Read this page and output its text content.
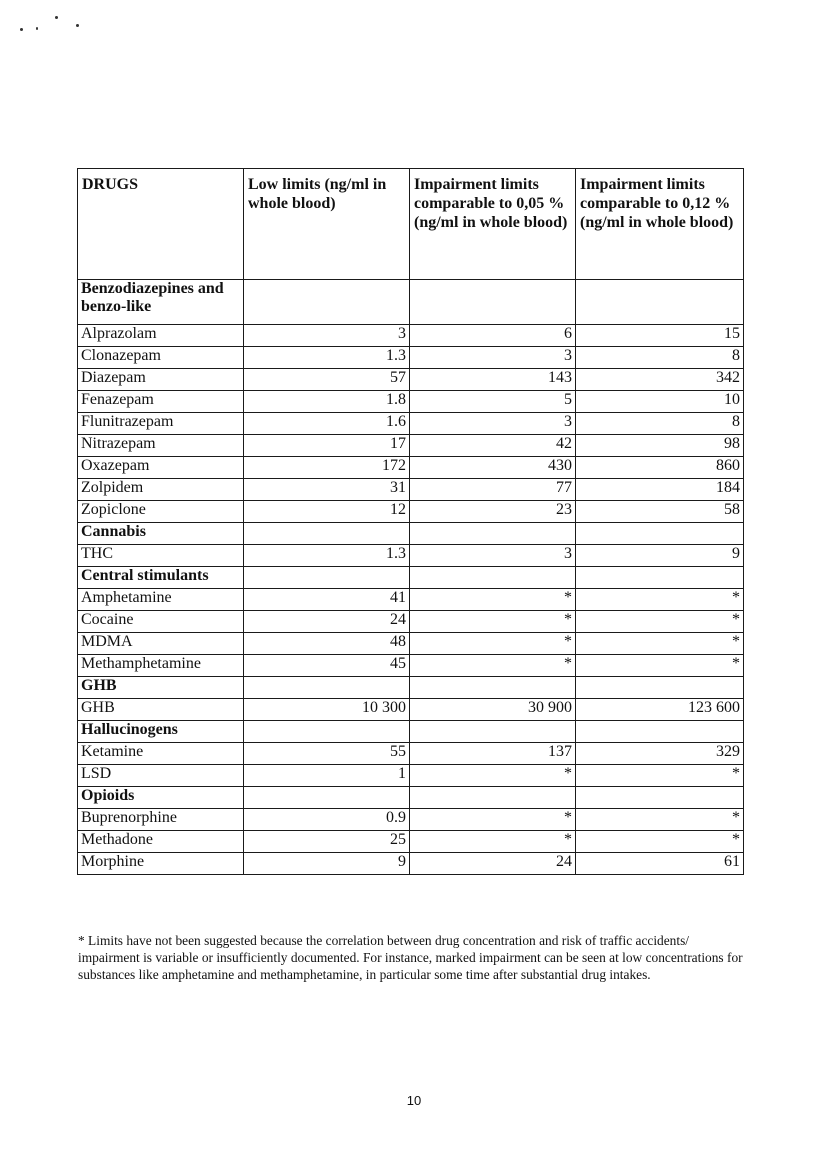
DRUGS	Low limits (ng/ml in whole blood)	Impairment limits comparable to 0,05 % (ng/ml in whole blood)	Impairment limits comparable to 0,12 % (ng/ml in whole blood)
Benzodiazepines and benzo-like			
Alprazolam	3	6	15
Clonazepam	1.3	3	8
Diazepam	57	143	342
Fenazepam	1.8	5	10
Flunitrazepam	1.6	3	8
Nitrazepam	17	42	98
Oxazepam	172	430	860
Zolpidem	31	77	184
Zopiclone	12	23	58
Cannabis			
THC	1.3	3	9
Central stimulants			
Amphetamine	41	*	*
Cocaine	24	*	*
MDMA	48	*	*
Methamphetamine	45	*	*
GHB			
GHB	10 300	30 900	123 600
Hallucinogens			
Ketamine	55	137	329
LSD	1	*	*
Opioids			
Buprenorphine	0.9	*	*
Methadone	25	*	*
Morphine	9	24	61
* Limits have not been suggested because the correlation between drug concentration and risk of traffic accidents/ impairment is variable or insufficiently documented. For instance, marked impairment can be seen at low concentrations for substances like amphetamine and methamphetamine, in particular some time after substantial drug intakes.
10
